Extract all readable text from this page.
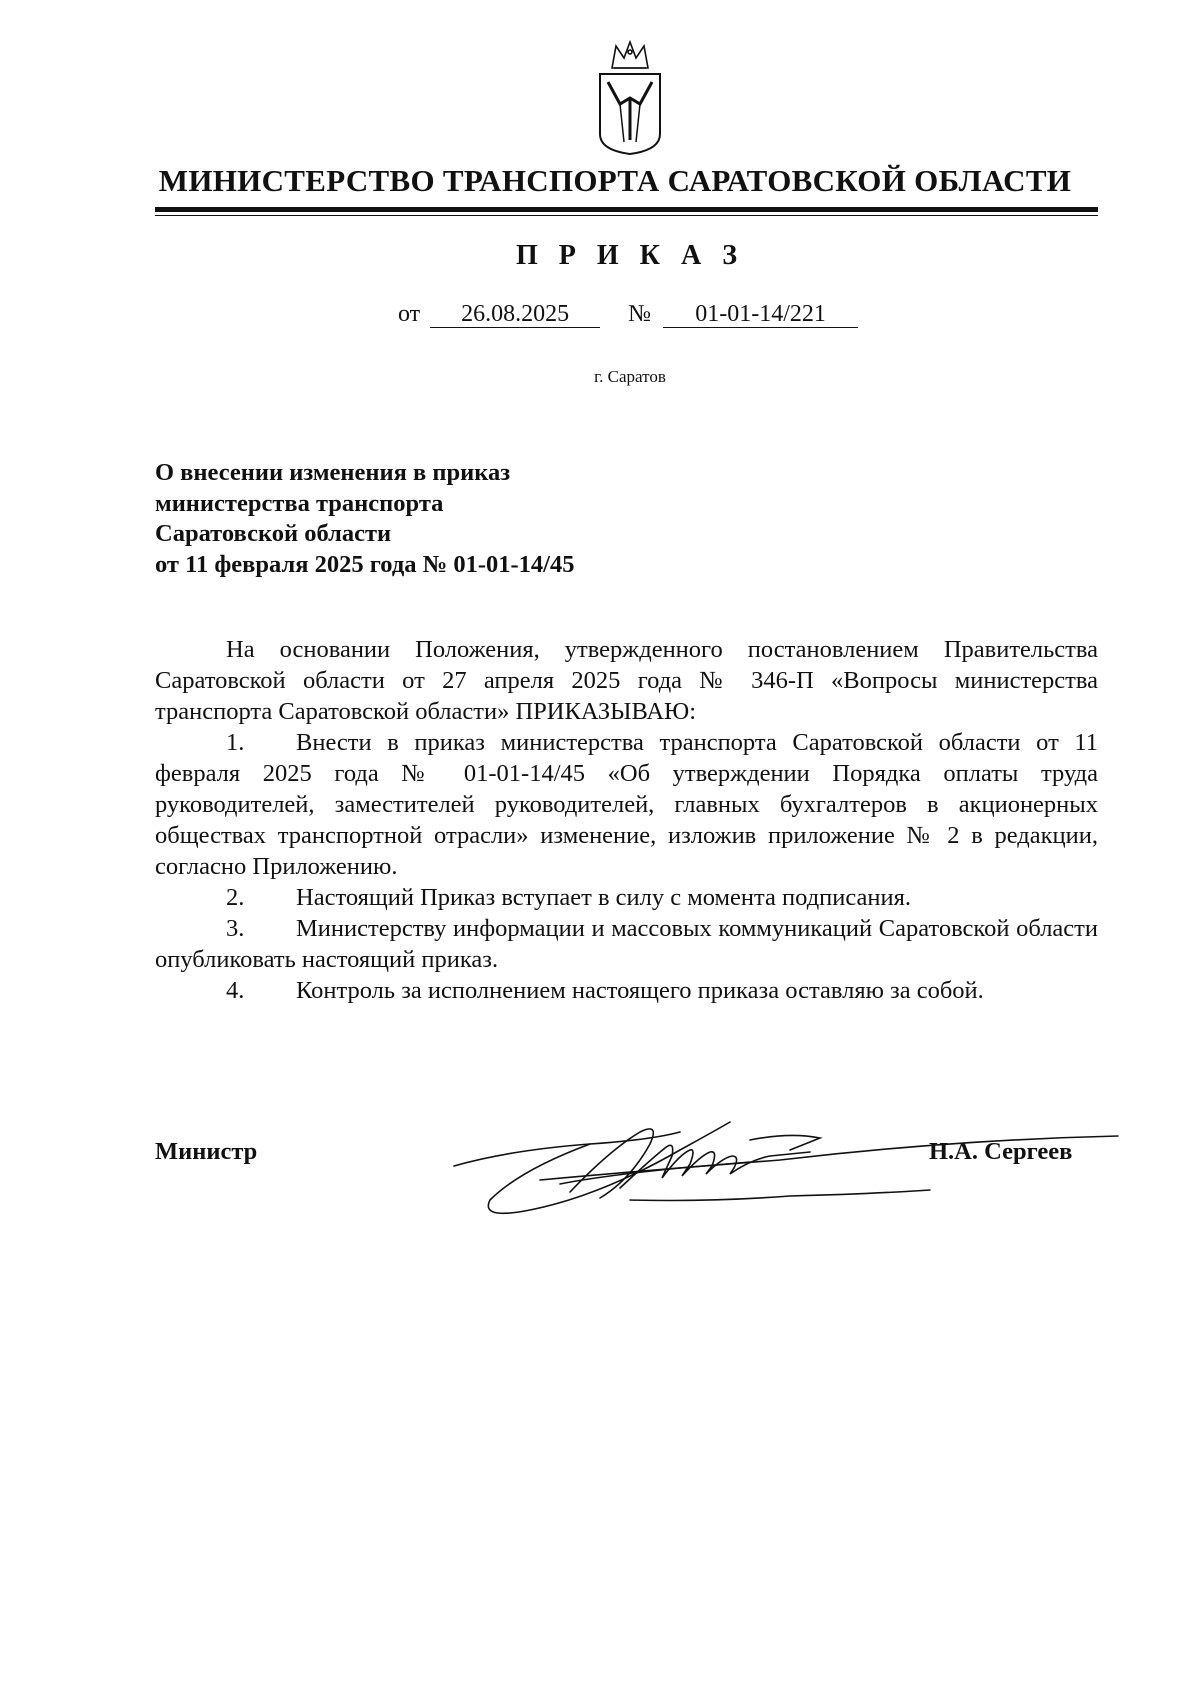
МИНИСТЕРСТВО ТРАНСПОРТА САРАТОВСКОЙ ОБЛАСТИ
П Р И К А З
от 26.08.2025 № 01-01-14/221
г. Саратов
О внесении изменения в приказ
министерства транспорта
Саратовской области
от 11 февраля 2025 года № 01-01-14/45

На основании Положения, утвержденного постановлением Правительства Саратовской области от 27 апреля 2025 года № 346-П «Вопросы министерства транспорта Саратовской области» ПРИКАЗЫВАЮ:

1. Внести в приказ министерства транспорта Саратовской области от 11 февраля 2025 года № 01-01-14/45 «Об утверждении Порядка оплаты труда руководителей, заместителей руководителей, главных бухгалтеров в акционерных обществах транспортной отрасли» изменение, изложив приложение № 2 в редакции, согласно Приложению.

2. Настоящий Приказ вступает в силу с момента подписания.

3. Министерству информации и массовых коммуникаций Саратовской области опубликовать настоящий приказ.

4. Контроль за исполнением настоящего приказа оставляю за собой.

Министр	Н.А. Сергеев
